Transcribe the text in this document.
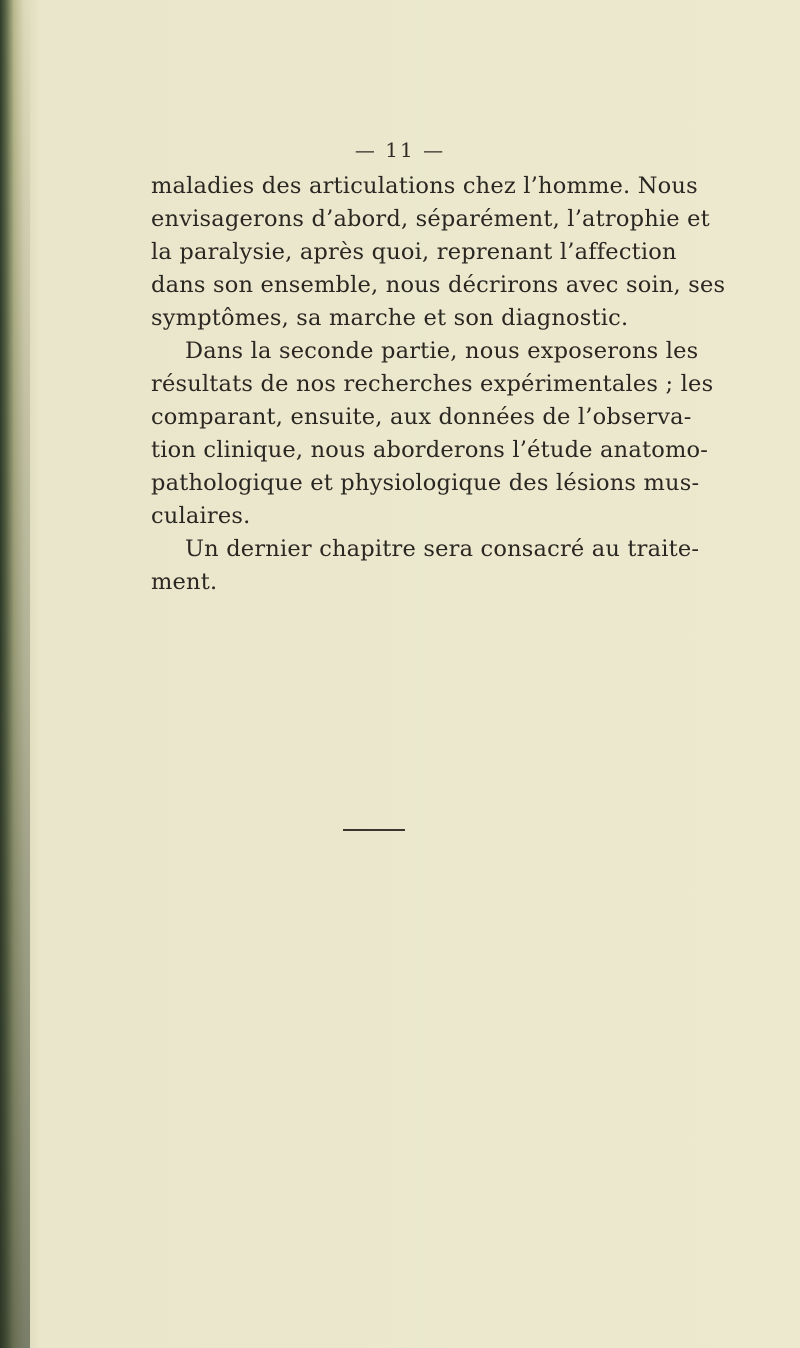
— 11 —
maladies des articulations chez l’homme. Nous
envisagerons d’abord, séparément, l’atrophie et
la paralysie, après quoi, reprenant l’affection
dans son ensemble, nous décrirons avec soin, ses
symptômes, sa marche et son diagnostic.
Dans la seconde partie, nous exposerons les
résultats de nos recherches expérimentales ; les
comparant, ensuite, aux données de l’observa-
tion clinique, nous aborderons l’étude anatomo-
pathologique et physiologique des lésions mus-
culaires.
Un dernier chapitre sera consacré au traite-
ment.
